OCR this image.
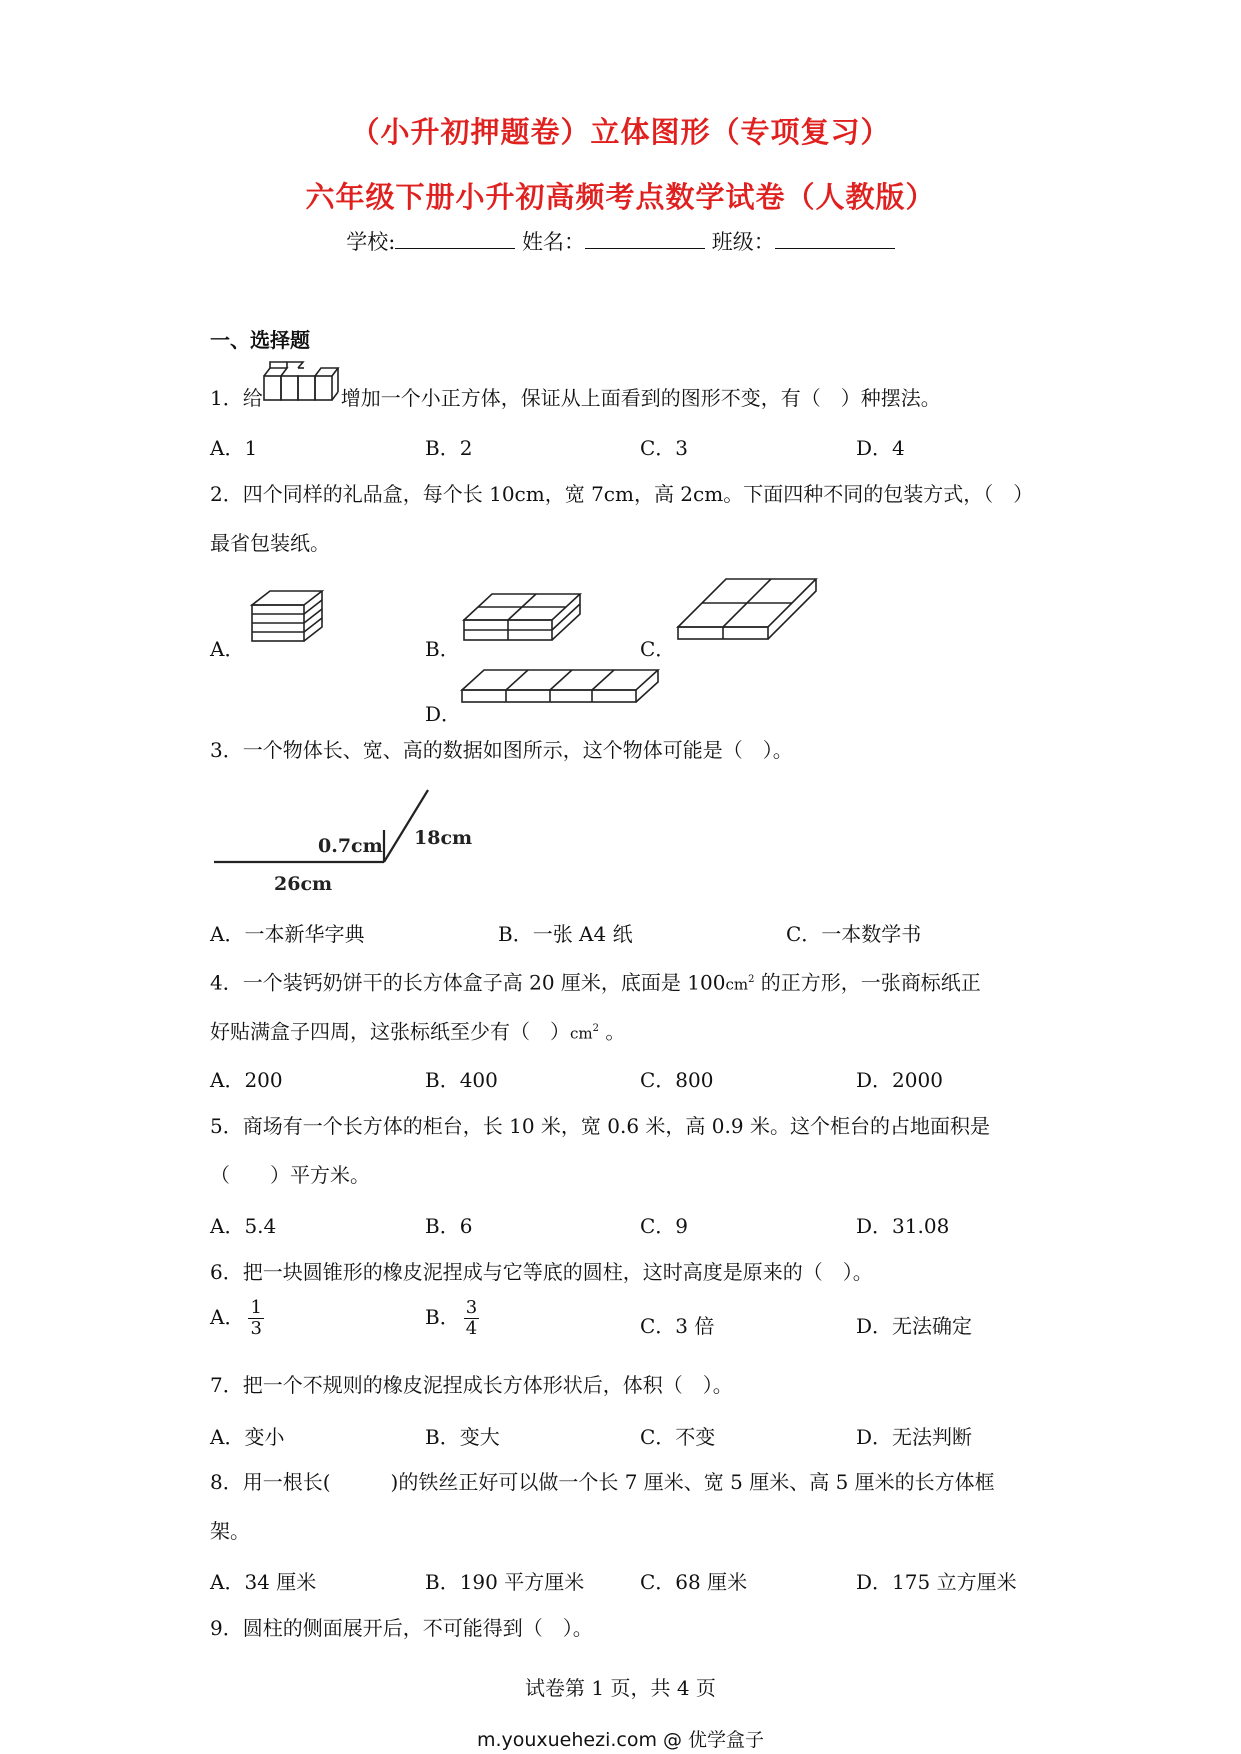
（小升初押题卷）立体图形（专项复习）
六年级下册小升初高频考点数学试卷（人教版）
学校:	姓名：	班级：
一、选择题
1．给	增加一个小正方体，保证从上面看到的图形不变，有（　）种摆法。
A．1	B．2	C．3	D．4
2．四个同样的礼品盒，每个长 10cm，宽 7cm，高 2cm。下面四种不同的包装方式，（　）
最省包装纸。
A．	B．	C．
D．
3．一个物体长、宽、高的数据如图所示，这个物体可能是（　）。
0.7cm 18cm
26cm
A．一本新华字典	B．一张 A4 纸	C．一本数学书
4．一个装钙奶饼干的长方体盒子高 20 厘米，底面是 $100cm^2$ 的正方形，一张商标纸正
好贴满盒子四周，这张标纸至少有（　）$cm^2$ 。
A．200	B．400	C．800	D．2000
5．商场有一个长方体的柜台，长 10 米，宽 0.6 米，高 0.9 米。这个柜台的占地面积是
（　　）平方米。
A．5.4	B．6	C．9	D．31.08
6．把一块圆锥形的橡皮泥捏成与它等底的圆柱，这时高度是原来的（　）。
A． $\frac{1}{3}$	B． $\frac{3}{4}$	C．3 倍	D．无法确定
7．把一个不规则的橡皮泥捏成长方体形状后，体积（　）。
A．变小	B．变大	C．不变	D．无法判断
8．用一根长(　　　)的铁丝正好可以做一个长 7 厘米、宽 5 厘米、高 5 厘米的长方体框
架。
A．34 厘米	B．190 平方厘米	C．68 厘米	D．175 立方厘米
9．圆柱的侧面展开后，不可能得到（　）。
试卷第 1 页，共 4 页
m.youxuehezi.com @ 优学盒子
